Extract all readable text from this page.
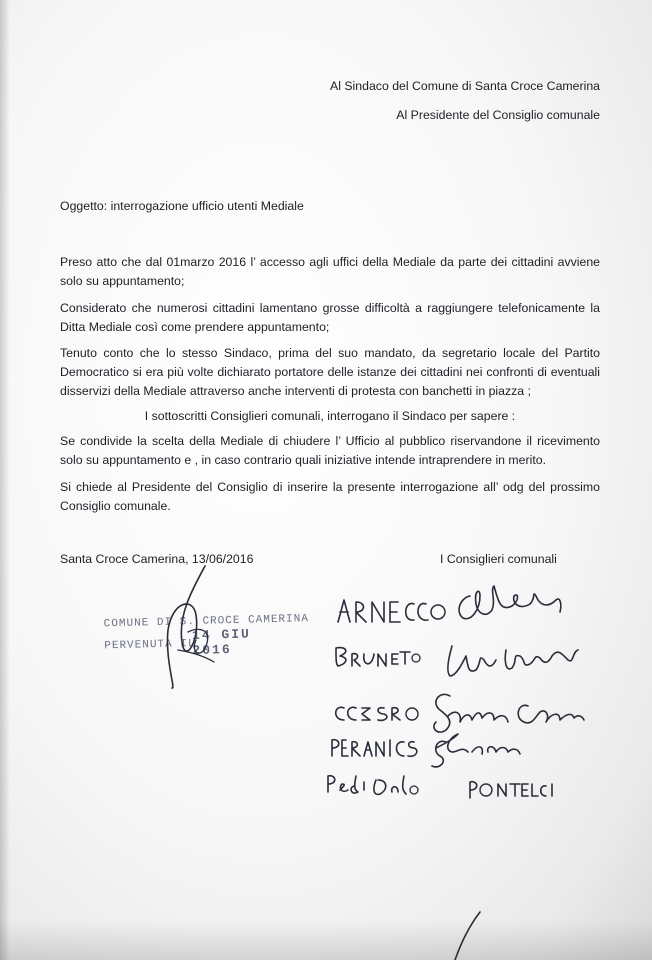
Al Sindaco del Comune di Santa Croce Camerina
Al Presidente del Consiglio comunale
Oggetto: interrogazione ufficio utenti Mediale
Preso atto che dal 01marzo 2016 l’ accesso agli uffici della Mediale da parte dei cittadini avviene solo su appuntamento;
Considerato che numerosi cittadini lamentano grosse difficoltà a raggiungere telefonicamente la Ditta Mediale così come prendere appuntamento;
Tenuto conto che lo stesso Sindaco, prima del suo mandato, da segretario locale del Partito Democratico si era più volte dichiarato portatore delle istanze dei cittadini nei confronti di eventuali disservizi della Mediale attraverso anche interventi di protesta con banchetti in piazza ;
I sottoscritti Consiglieri comunali, interrogano il Sindaco per sapere :
Se condivide la scelta della Mediale di chiudere l’ Ufficio al pubblico riservandone il ricevimento solo su appuntamento e , in caso contrario quali iniziative intende intraprendere in merito.
Si chiede al Presidente del Consiglio di inserire la presente interrogazione all’ odg del prossimo Consiglio comunale.
Santa Croce Camerina, 13/06/2016	I Consiglieri comunali
COMUNE DI S. CROCE CAMERINA
PERVENUTA IL
14 GIU 2016
